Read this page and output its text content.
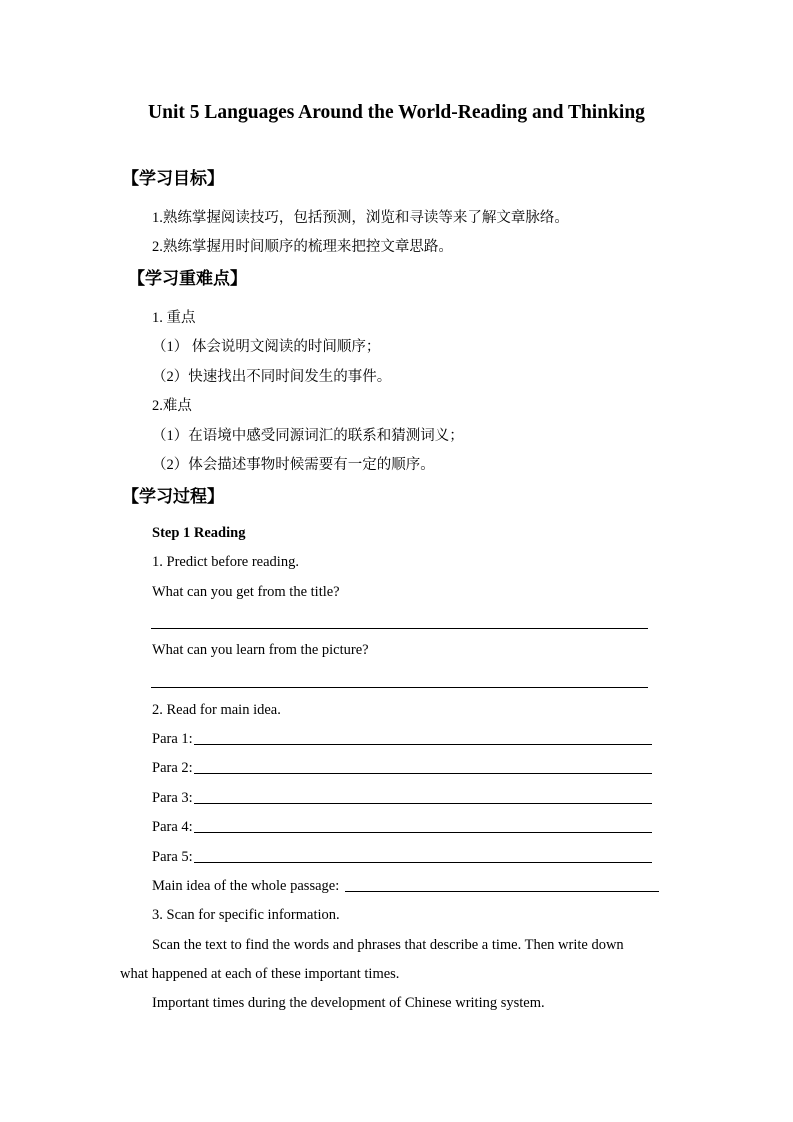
Unit 5 Languages Around the World-Reading and Thinking
【学习目标】
1.熟练掌握阅读技巧，包括预测，浏览和寻读等来了解文章脉络。
2.熟练掌握用时间顺序的梳理来把控文章思路。
【学习重难点】
1. 重点
（1） 体会说明文阅读的时间顺序；
（2）快速找出不同时间发生的事件。
2.难点
（1）在语境中感受同源词汇的联系和猜测词义；
（2）体会描述事物时候需要有一定的顺序。
【学习过程】
Step 1 Reading
1. Predict before reading.
What can you get from the title?
What can you learn from the picture?
2. Read for main idea.
Para 1:
Para 2:
Para 3:
Para 4:
Para 5:
Main idea of the whole passage:
3. Scan for specific information.
Scan the text to find the words and phrases that describe a time. Then write down
what happened at each of these important times.
Important times during the development of Chinese writing system.
